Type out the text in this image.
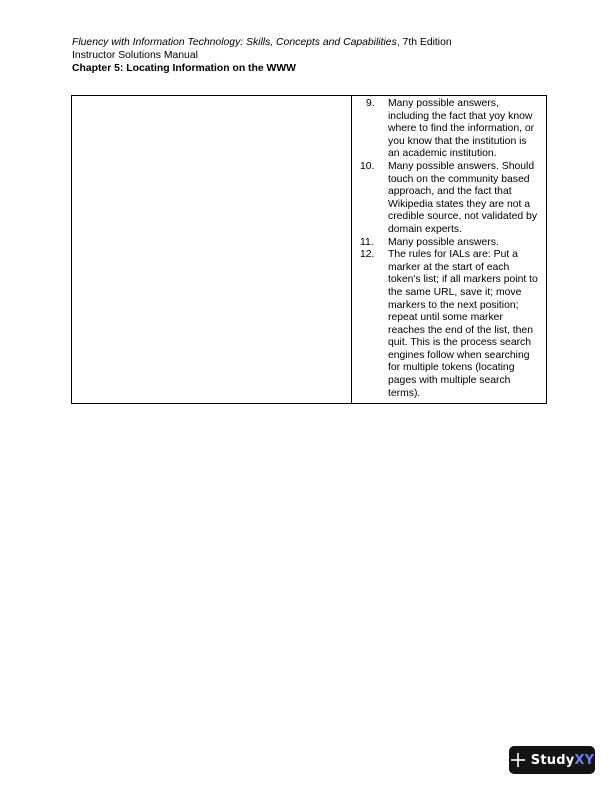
Fluency with Information Technology: Skills, Concepts and Capabilities, 7th Edition
Instructor Solutions Manual
Chapter 5: Locating Information on the WWW

9.	Many possible answers, including the fact that yoy know where to find the information, or you know that the institution is an academic institution.
10.	Many possible answers. Should touch on the community based approach, and the fact that Wikipedia states they are not a credible source, not validated by domain experts.
11.	Many possible answers.
12.	The rules for IALs are: Put a marker at the start of each token's list; if all markers point to the same URL, save it; move markers to the next position; repeat until some marker reaches the end of the list, then quit. This is the process search engines follow when searching for multiple tokens (locating pages with multiple search terms).
StudyXY
